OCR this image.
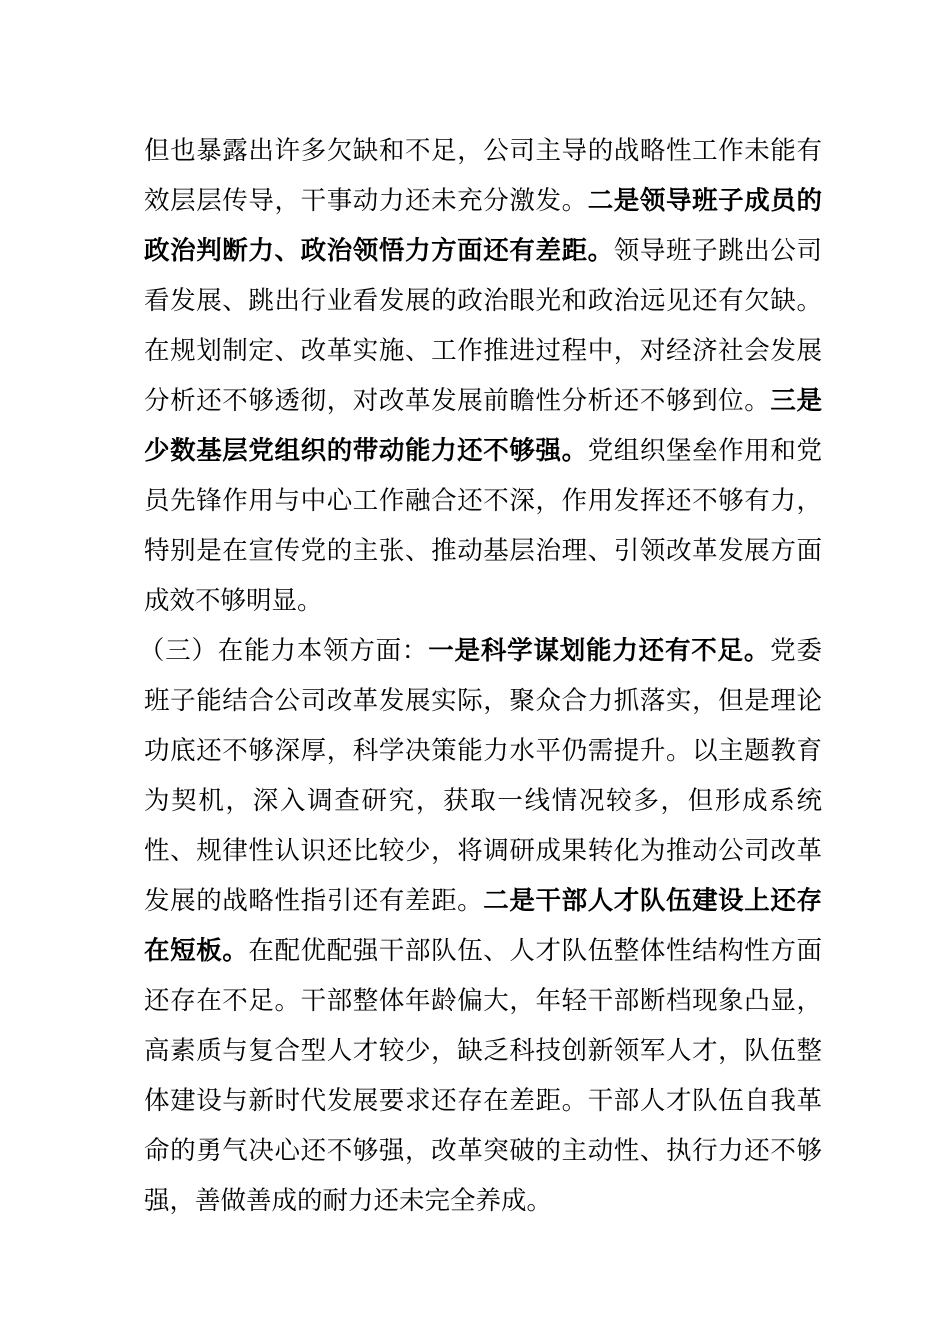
但也暴露出许多欠缺和不足，公司主导的战略性工作未能有效层层传导，干事动力还未充分激发。二是领导班子成员的政治判断力、政治领悟力方面还有差距。领导班子跳出公司看发展、跳出行业看发展的政治眼光和政治远见还有欠缺。在规划制定、改革实施、工作推进过程中，对经济社会发展分析还不够透彻，对改革发展前瞻性分析还不够到位。三是少数基层党组织的带动能力还不够强。党组织堡垒作用和党员先锋作用与中心工作融合还不深，作用发挥还不够有力，特别是在宣传党的主张、推动基层治理、引领改革发展方面成效不够明显。

（三）在能力本领方面：一是科学谋划能力还有不足。党委班子能结合公司改革发展实际，聚众合力抓落实，但是理论功底还不够深厚，科学决策能力水平仍需提升。以主题教育为契机，深入调查研究，获取一线情况较多，但形成系统性、规律性认识还比较少，将调研成果转化为推动公司改革发展的战略性指引还有差距。二是干部人才队伍建设上还存在短板。在配优配强干部队伍、人才队伍整体性结构性方面还存在不足。干部整体年龄偏大，年轻干部断档现象凸显，高素质与复合型人才较少，缺乏科技创新领军人才，队伍整体建设与新时代发展要求还存在差距。干部人才队伍自我革命的勇气决心还不够强，改革突破的主动性、执行力还不够强，善做善成的耐力还未完全养成。
